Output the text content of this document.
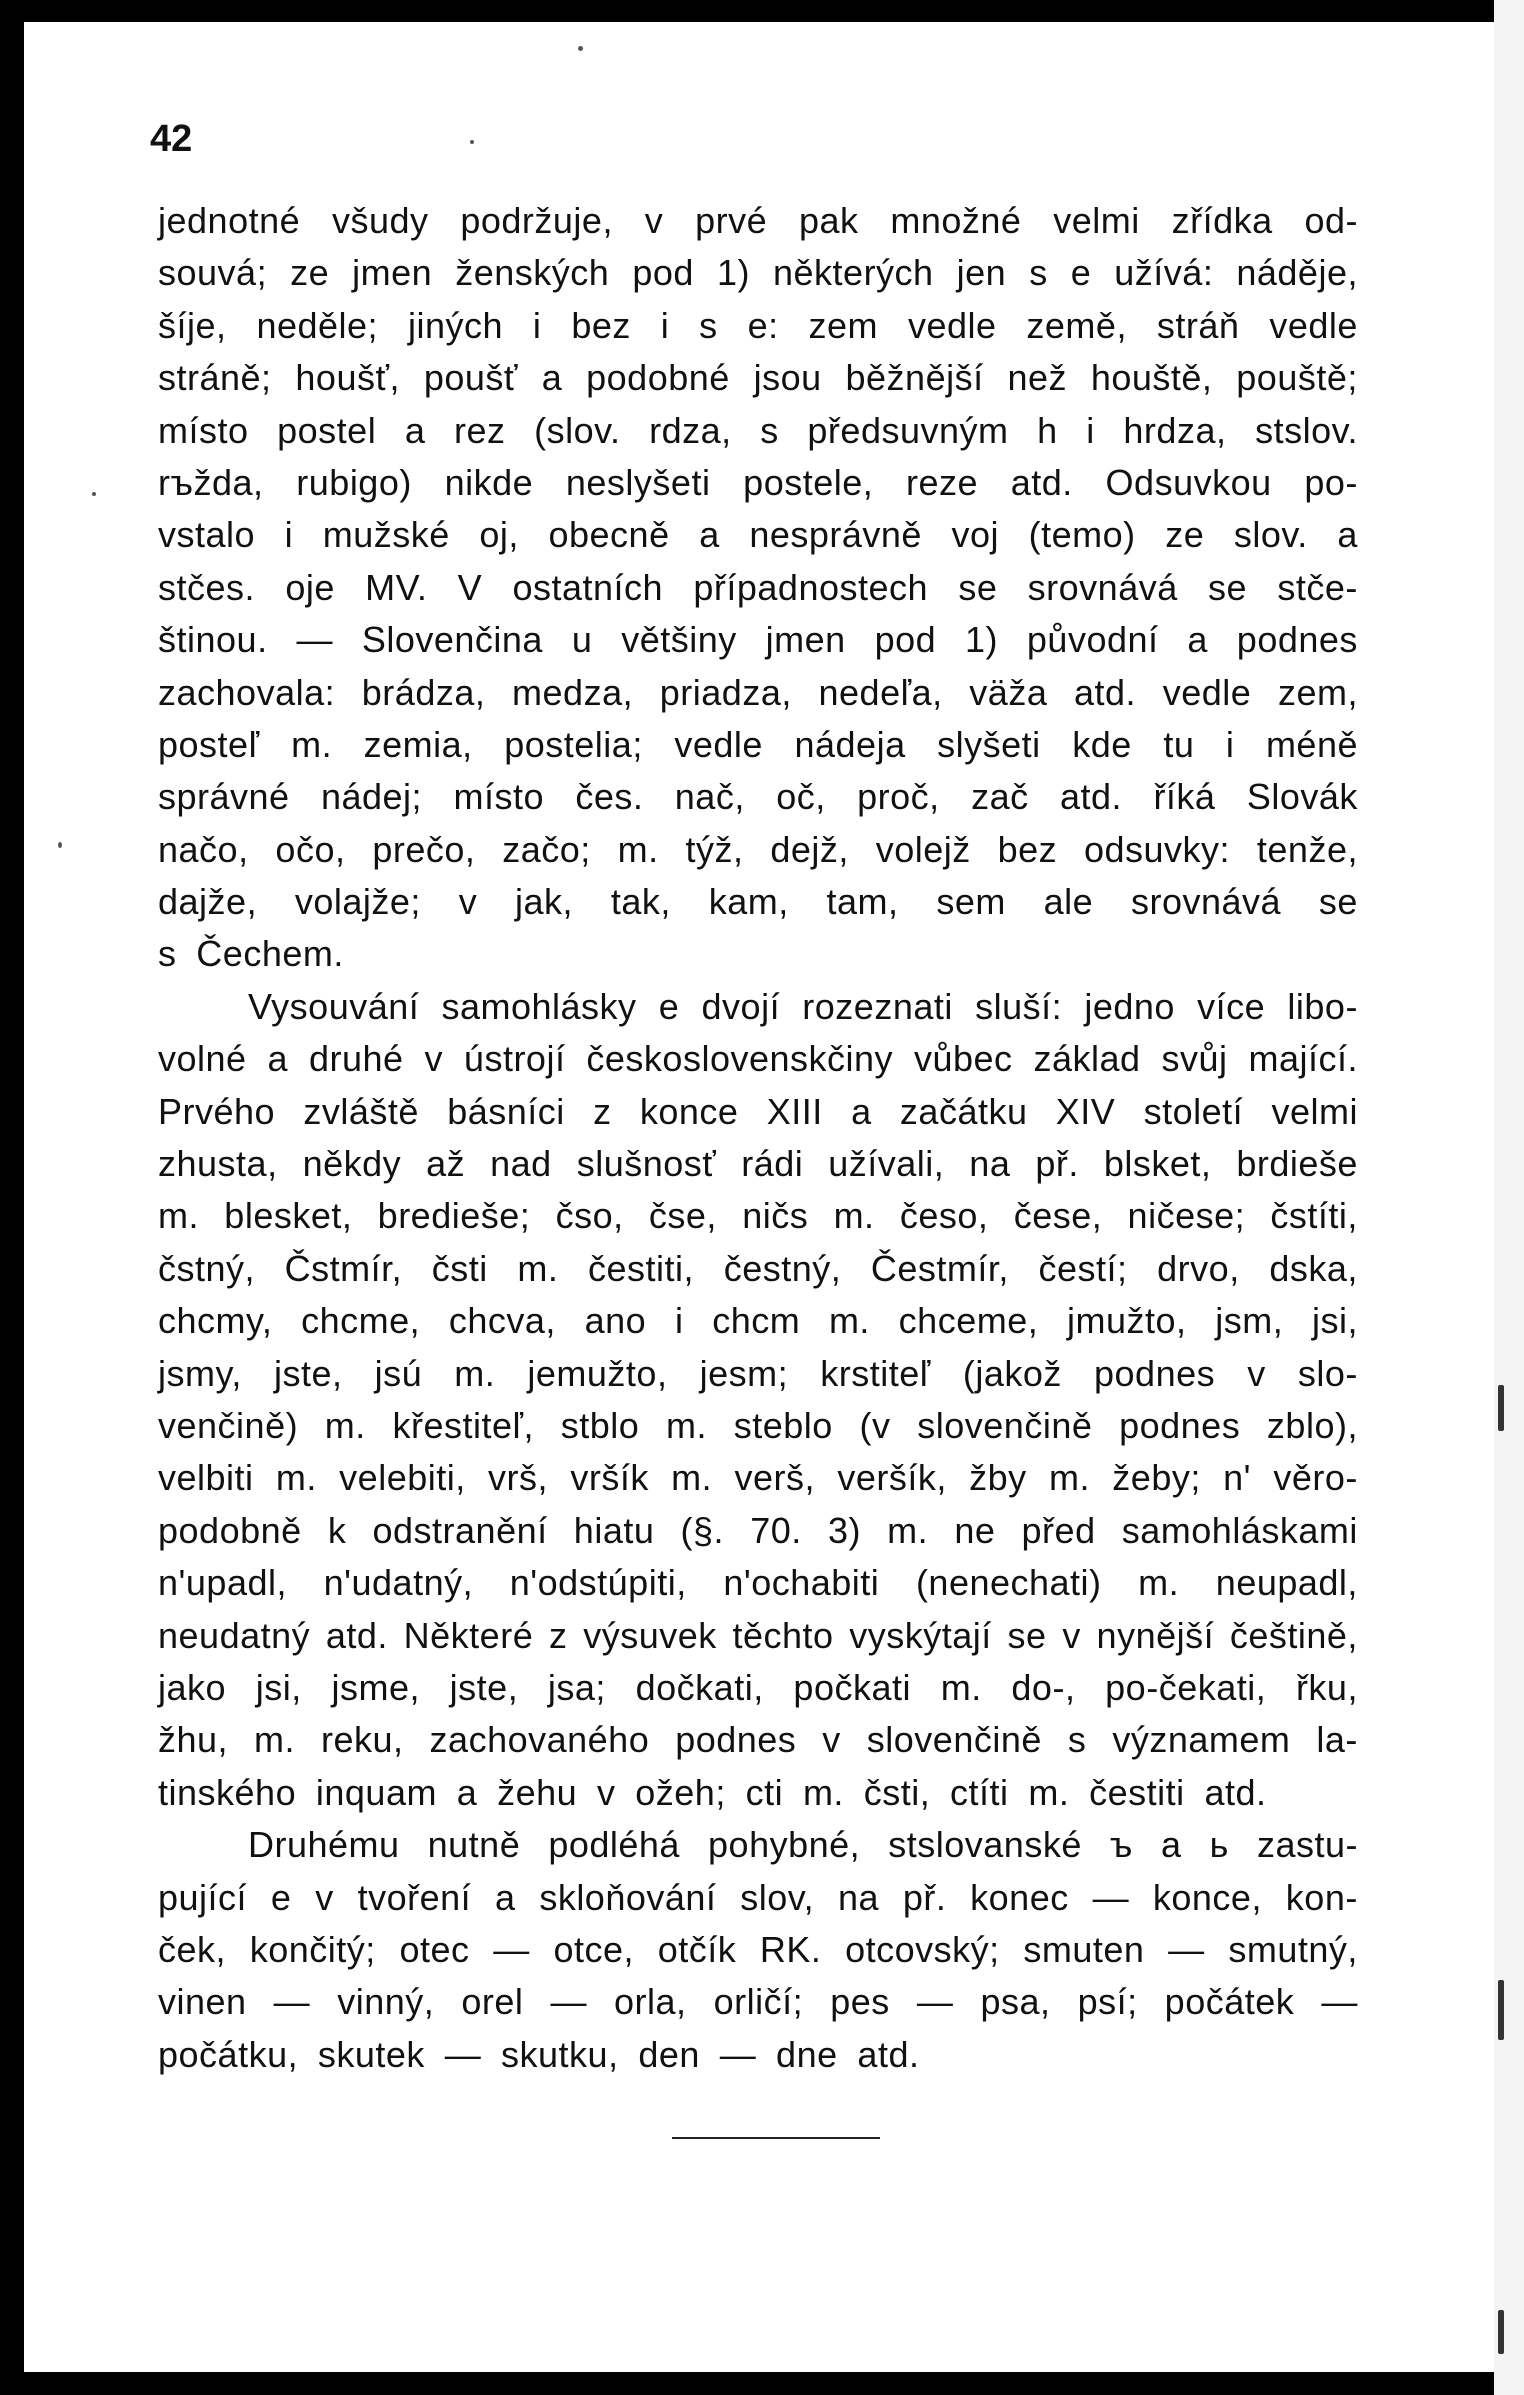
42
jednotné všudy podržuje, v prvé pak množné velmi zřídka od-
souvá; ze jmen ženských pod 1) některých jen s e užívá: náděje,
šíje, neděle; jiných i bez i s e: zem vedle země, stráň vedle
stráně; houšť, poušť a podobné jsou běžnější než houště, pouště;
místo postel a rez (slov. rdza, s předsuvným h i hrdza, stslov.
rъžda, rubigo) nikde neslyšeti postele, reze atd. Odsuvkou po-
vstalo i mužské oj, obecně a nesprávně voj (temo) ze slov. a
stčes. oje MV. V ostatních případnostech se srovnává se stče-
štinou. — Slovenčina u většiny jmen pod 1) původní a podnes
zachovala: brádza, medza, priadza, nedeľa, väža atd. vedle zem,
posteľ m. zemia, postelia; vedle nádeja slyšeti kde tu i méně
správné nádej; místo čes. nač, oč, proč, zač atd. říká Slovák
načo, očo, prečo, začo; m. týž, dejž, volejž bez odsuvky: tenže,
dajže, volajže; v jak, tak, kam, tam, sem ale srovnává se
s Čechem.
Vysouvání samohlásky e dvojí rozeznati sluší: jedno více libo-
volné a druhé v ústrojí československčiny vůbec základ svůj mající.
Prvého zvláště básníci z konce XIII a začátku XIV století velmi
zhusta, někdy až nad slušnosť rádi užívali, na př. blsket, brdieše
m. blesket, bredieše; čso, čse, ničs m. česo, čese, ničese; čstíti,
čstný, Čstmír, čsti m. čestiti, čestný, Čestmír, čestí; drvo, dska,
chcmy, chcme, chcva, ano i chcm m. chceme, jmužto, jsm, jsi,
jsmy, jste, jsú m. jemužto, jesm; krstiteľ (jakož podnes v slo-
venčině) m. křestiteľ, stblo m. steblo (v slovenčině podnes zblo),
velbiti m. velebiti, vrš, vršík m. verš, veršík, žby m. žeby; n' věro-
podobně k odstranění hiatu (§. 70. 3) m. ne před samohláskami
n'upadl, n'udatný, n'odstúpiti, n'ochabiti (nenechati) m. neupadl,
neudatný atd. Některé z výsuvek těchto vyskýtají se v nynější češtině,
jako jsi, jsme, jste, jsa; dočkati, počkati m. do-, po-čekati, řku,
žhu, m. reku, zachovaného podnes v slovenčině s významem la-
tinského inquam a žehu v ožeh; cti m. čsti, ctíti m. čestiti atd.
Druhému nutně podléhá pohybné, stslovanské ъ a ь zastu-
pující e v tvoření a skloňování slov, na př. konec — konce, kon-
ček, končitý; otec — otce, otčík RK. otcovský; smuten — smutný,
vinen — vinný, orel — orla, orličí; pes — psa, psí; počátek —
počátku, skutek — skutku, den — dne atd.
